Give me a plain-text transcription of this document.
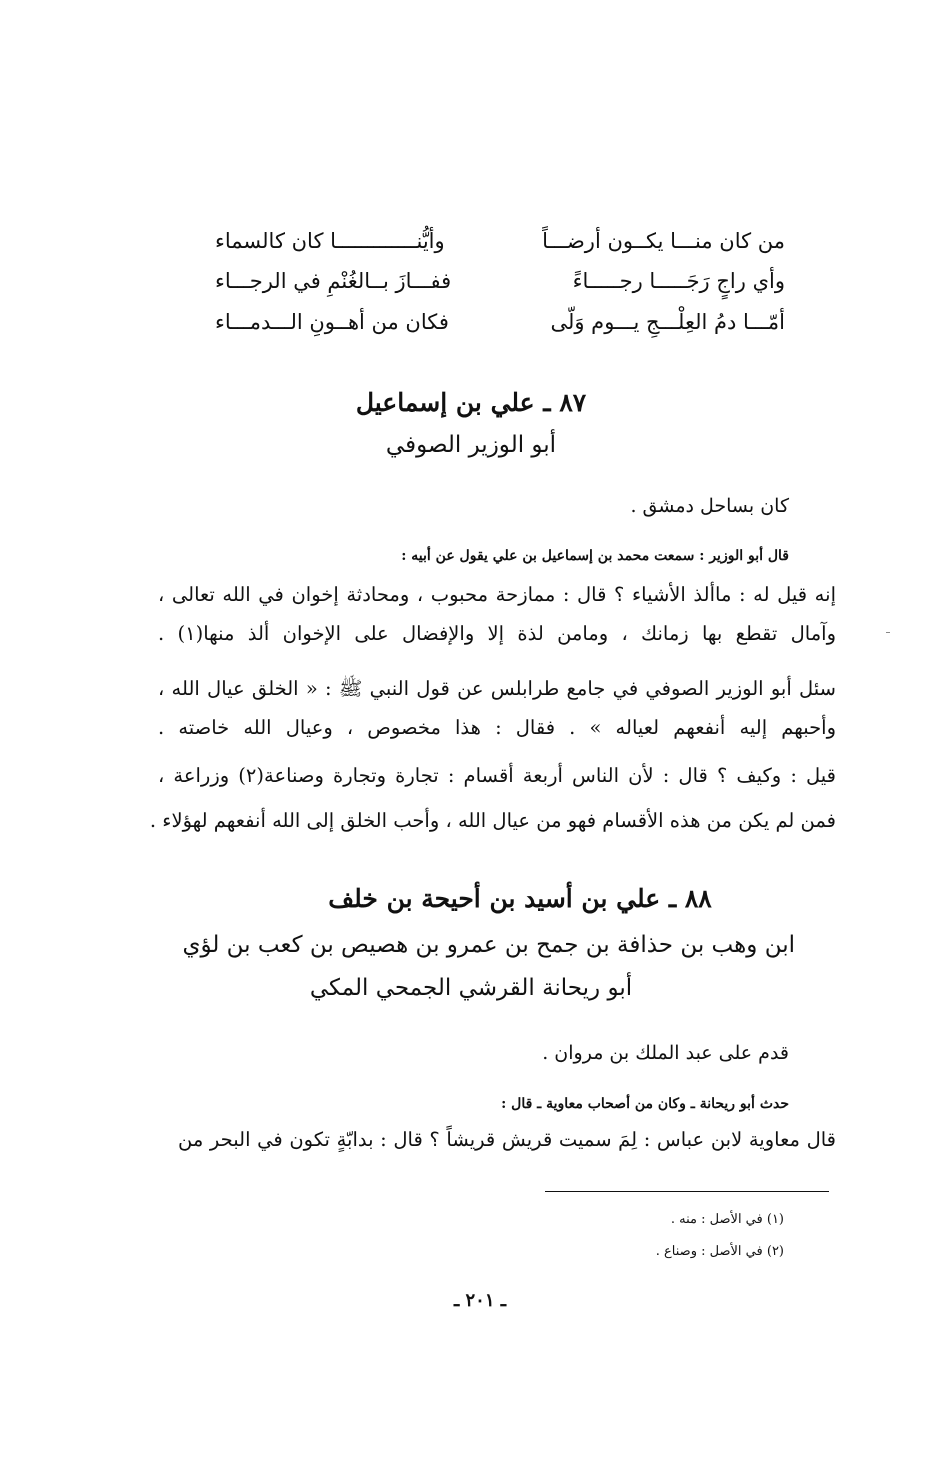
من كان منـــا يكــون أرضـــاً
وأيُّنـــــــــــــا كان كالسماء
وأي راجٍ رَجَـــــا رجـــــاءً
ففـــازَ بــالغُنْمِ في الرجـــاء
أمّـــا دمُ العِلْـــجِ يـــوم وَلّى
فكان من أهــونِ الـــدمـــاء
٨٧ ـ علي بن إسماعيل
أبو الوزير الصوفي
كان بساحل دمشق .
قال أبو الوزير : سمعت محمد بن إسماعيل بن علي يقول عن أبيه :
إنه قيل له : ماألذ الأشياء ؟ قال : ممازحة محبوب ، ومحادثة إخوان في الله تعالى ،
وآمال تقطع بها زمانك ، ومامن لذة إلا والإفضال على الإخوان ألذ منها(١) .
سئل أبو الوزير الصوفي في جامع طرابلس عن قول النبي ﷺ : « الخلق عيال الله ،
وأحبهم إليه أنفعهم لعياله » . فقال : هذا مخصوص ، وعيال الله خاصته .
قيل : وكيف ؟ قال : لأن الناس أربعة أقسام : تجارة وتجارة وصناعة(٢) وزراعة ،
فمن لم يكن من هذه الأقسام فهو من عيال الله ، وأحب الخلق إلى الله أنفعهم لهؤلاء .
٨٨ ـ علي بن أسيد بن أحيحة بن خلف
ابن وهب بن حذافة بن جمح بن عمرو بن هصيص بن كعب بن لؤي
أبو ريحانة القرشي الجمحي المكي
قدم على عبد الملك بن مروان .
حدث أبو ريحانة ـ وكان من أصحاب معاوية ـ قال :
قال معاوية لابن عباس : لِمَ سميت قريش قريشاً ؟ قال : بدابّةٍ تكون في البحر من
(١) في الأصل : منه .
(٢) في الأصل : وصناع .
ـ ٢٠١ ـ
